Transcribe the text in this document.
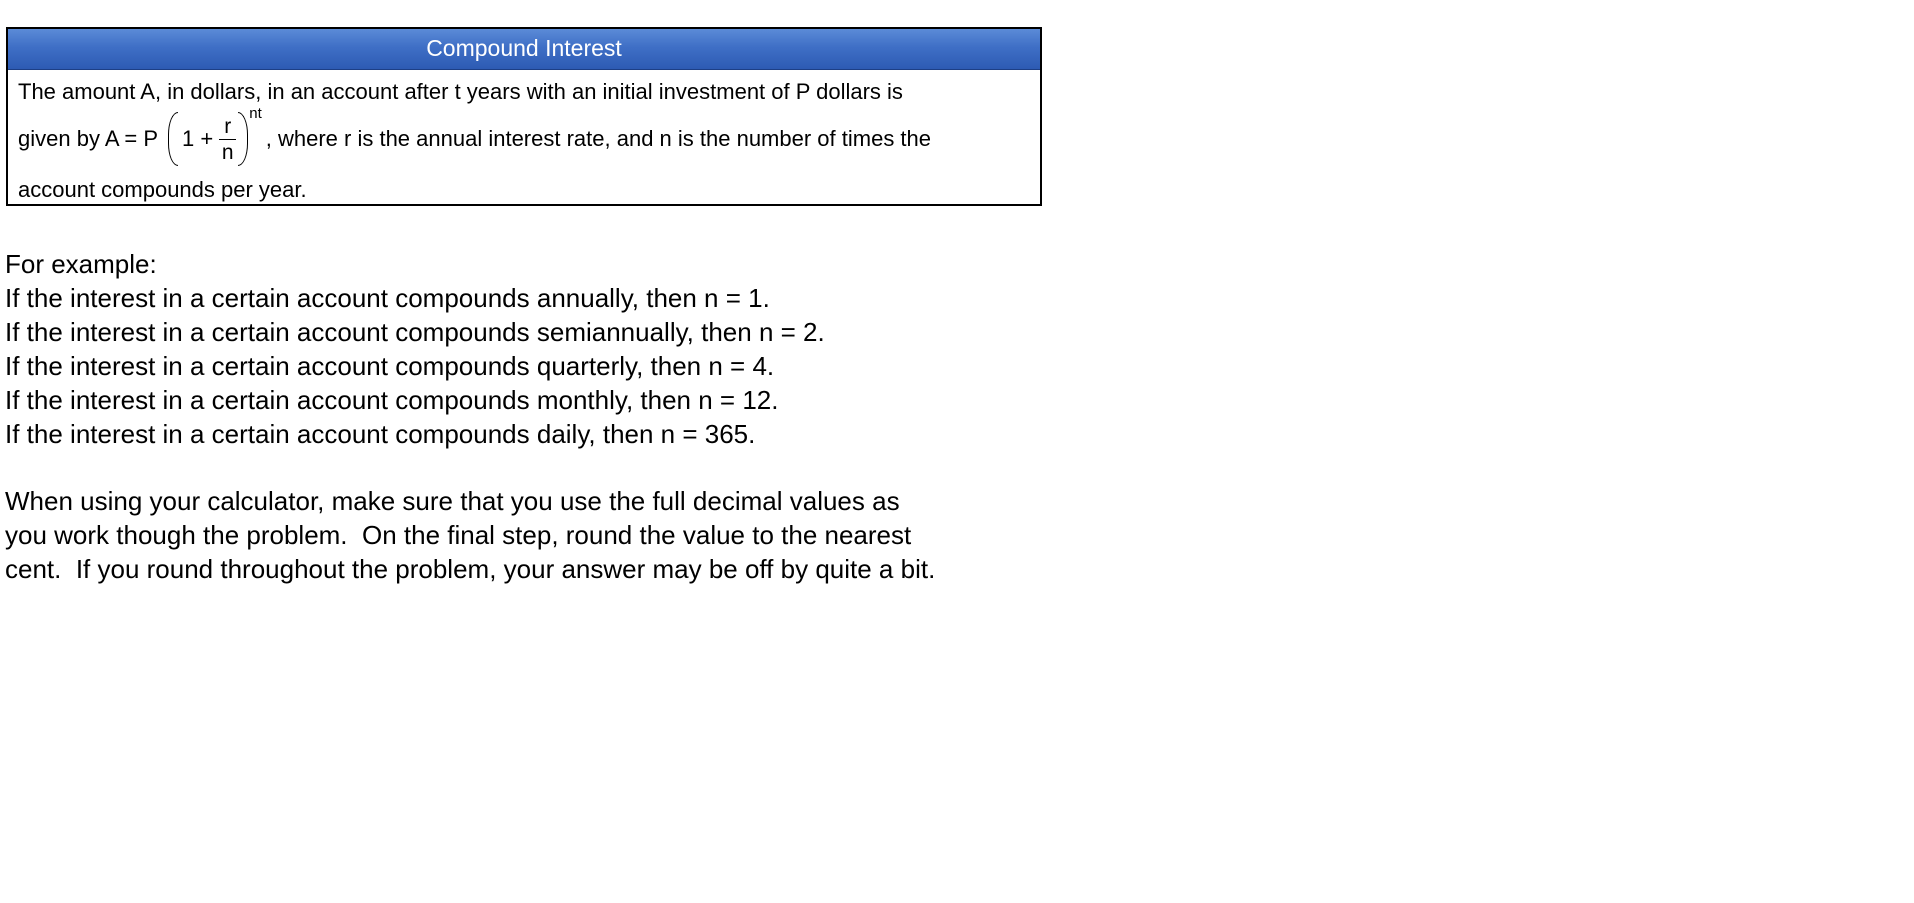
Compound Interest
The amount A, in dollars, in an account after t years with an initial investment of P dollars is
given by A = P $1 + \frac{r}{n}$
nt
, where r is the annual interest rate, and n is the number of times the
account compounds per year.
For example:
If the interest in a certain account compounds annually, then n = 1.
If the interest in a certain account compounds semiannually, then n = 2.
If the interest in a certain account compounds quarterly, then n = 4.
If the interest in a certain account compounds monthly, then n = 12.
If the interest in a certain account compounds daily, then n = 365.
When using your calculator, make sure that you use the full decimal values as
you work though the problem.  On the final step, round the value to the nearest
cent.  If you round throughout the problem, your answer may be off by quite a bit.
